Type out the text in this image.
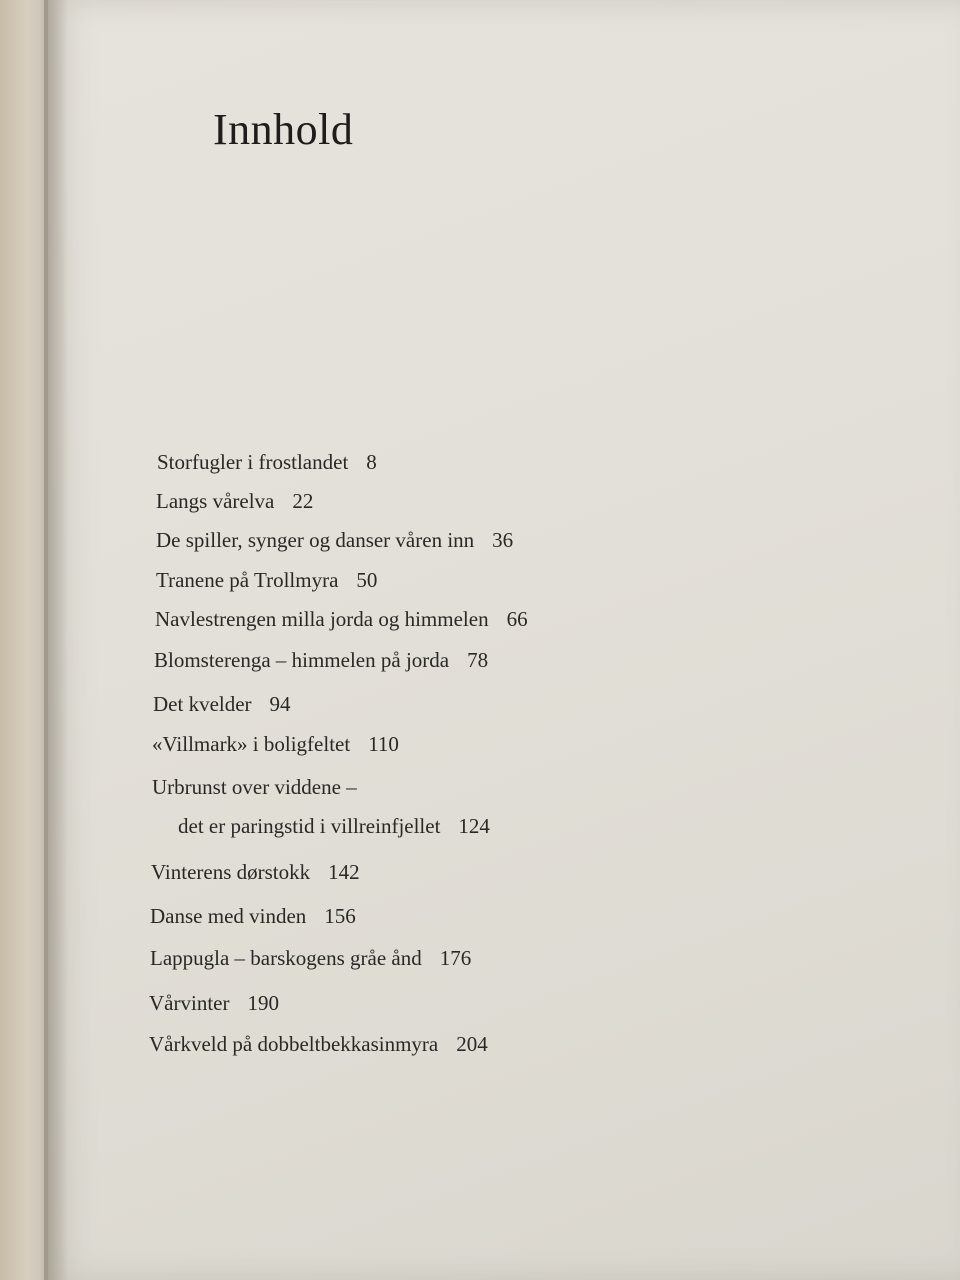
Innhold
Storfugler i frostlandet 8
Langs vårelva 22
De spiller, synger og danser våren inn 36
Tranene på Trollmyra 50
Navlestrengen milla jorda og himmelen 66
Blomsterenga – himmelen på jorda 78
Det kvelder 94
«Villmark» i boligfeltet 110
Urbrunst over viddene –
det er paringstid i villreinfjellet 124
Vinterens dørstokk 142
Danse med vinden 156
Lappugla – barskogens gråe ånd 176
Vårvinter 190
Vårkveld på dobbeltbekkasinmyra 204
